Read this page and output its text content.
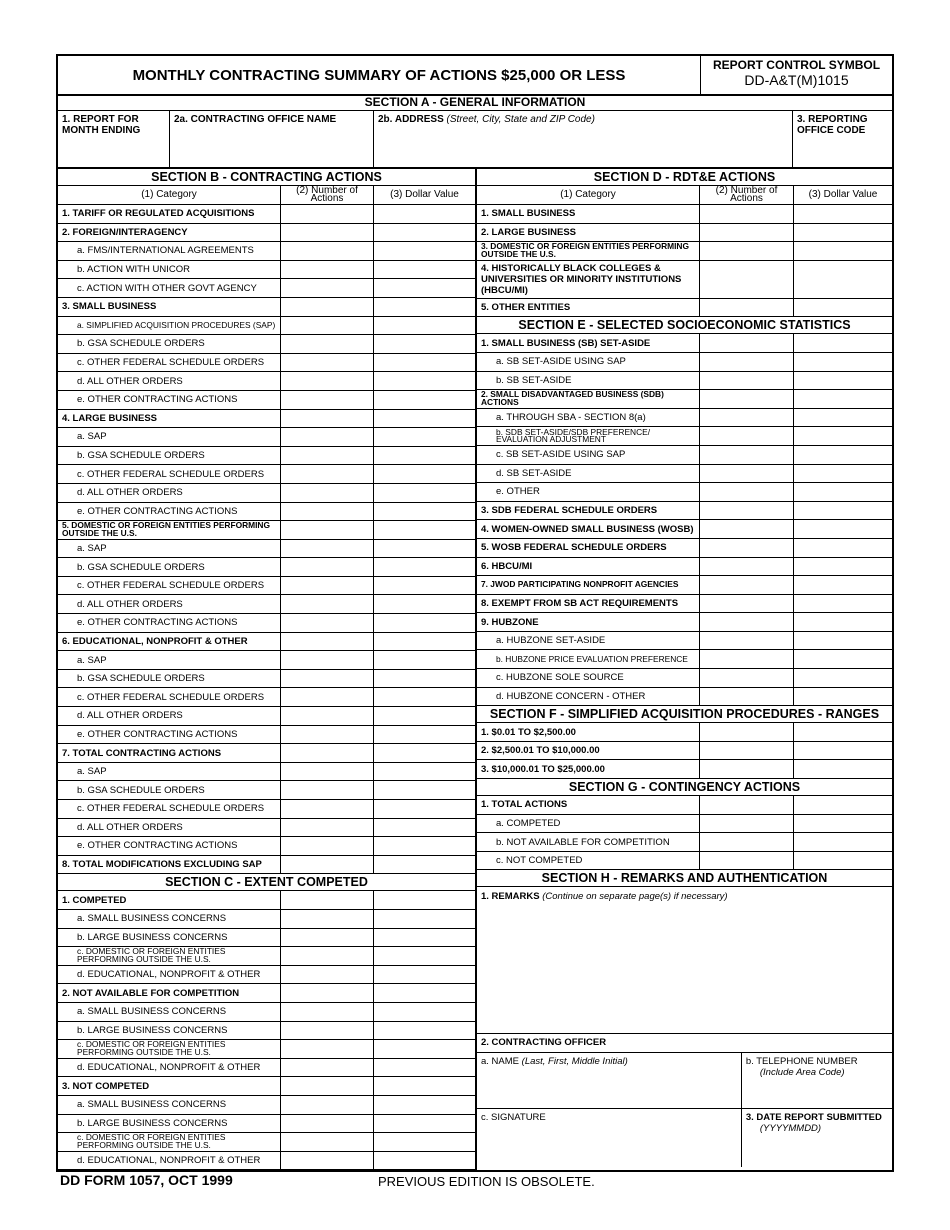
MONTHLY CONTRACTING SUMMARY OF ACTIONS $25,000 OR LESS
REPORT CONTROL SYMBOL
DD-A&T(M)1015
SECTION A - GENERAL INFORMATION
1. REPORT FOR MONTH ENDING
2a. CONTRACTING OFFICE NAME	2b. ADDRESS (Street, City, State and ZIP Code)	3. REPORTING OFFICE CODE
SECTION B - CONTRACTING ACTIONS
(1) Category	(2) Number of Actions	(3) Dollar Value
1. TARIFF OR REGULATED ACQUISITIONS
2. FOREIGN/INTERAGENCY
a. FMS/INTERNATIONAL AGREEMENTS
b. ACTION WITH UNICOR
c. ACTION WITH OTHER GOVT AGENCY
3. SMALL BUSINESS
a. SIMPLIFIED ACQUISITION PROCEDURES (SAP)
b. GSA SCHEDULE ORDERS
c. OTHER FEDERAL SCHEDULE ORDERS
d. ALL OTHER ORDERS
e. OTHER CONTRACTING ACTIONS
4. LARGE BUSINESS
a. SAP
b. GSA SCHEDULE ORDERS
c. OTHER FEDERAL SCHEDULE ORDERS
d. ALL OTHER ORDERS
e. OTHER CONTRACTING ACTIONS
5. DOMESTIC OR FOREIGN ENTITIES PERFORMING OUTSIDE THE U.S.
a. SAP
b. GSA SCHEDULE ORDERS
c. OTHER FEDERAL SCHEDULE ORDERS
d. ALL OTHER ORDERS
e. OTHER CONTRACTING ACTIONS
6. EDUCATIONAL, NONPROFIT & OTHER
a. SAP
b. GSA SCHEDULE ORDERS
c. OTHER FEDERAL SCHEDULE ORDERS
d. ALL OTHER ORDERS
e. OTHER CONTRACTING ACTIONS
7. TOTAL CONTRACTING ACTIONS
a. SAP
b. GSA SCHEDULE ORDERS
c. OTHER FEDERAL SCHEDULE ORDERS
d. ALL OTHER ORDERS
e. OTHER CONTRACTING ACTIONS
8. TOTAL MODIFICATIONS EXCLUDING SAP
SECTION C - EXTENT COMPETED
1. COMPETED
a. SMALL BUSINESS CONCERNS
b. LARGE BUSINESS CONCERNS
c. DOMESTIC OR FOREIGN ENTITIES PERFORMING OUTSIDE THE U.S.
d. EDUCATIONAL, NONPROFIT & OTHER
2. NOT AVAILABLE FOR COMPETITION
a. SMALL BUSINESS CONCERNS
b. LARGE BUSINESS CONCERNS
c. DOMESTIC OR FOREIGN ENTITIES PERFORMING OUTSIDE THE U.S.
d. EDUCATIONAL, NONPROFIT & OTHER
3. NOT COMPETED
a. SMALL BUSINESS CONCERNS
b. LARGE BUSINESS CONCERNS
c. DOMESTIC OR FOREIGN ENTITIES PERFORMING OUTSIDE THE U.S.
d. EDUCATIONAL, NONPROFIT & OTHER
SECTION D - RDT&E ACTIONS
(1) Category	(2) Number of Actions	(3) Dollar Value
1. SMALL BUSINESS
2. LARGE BUSINESS
3. DOMESTIC OR FOREIGN ENTITIES PERFORMING OUTSIDE THE U.S.
4. HISTORICALLY BLACK COLLEGES & UNIVERSITIES OR MINORITY INSTITUTIONS (HBCU/MI)
5. OTHER ENTITIES
SECTION E - SELECTED SOCIOECONOMIC STATISTICS
1. SMALL BUSINESS (SB) SET-ASIDE
a. SB SET-ASIDE USING SAP
b. SB SET-ASIDE
2. SMALL DISADVANTAGED BUSINESS (SDB) ACTIONS
a. THROUGH SBA - SECTION 8(a)
b. SDB SET-ASIDE/SDB PREFERENCE/ EVALUATION ADJUSTMENT
c. SB SET-ASIDE USING SAP
d. SB SET-ASIDE
e. OTHER
3. SDB FEDERAL SCHEDULE ORDERS
4. WOMEN-OWNED SMALL BUSINESS (WOSB)
5. WOSB FEDERAL SCHEDULE ORDERS
6. HBCU/MI
7. JWOD PARTICIPATING NONPROFIT AGENCIES
8. EXEMPT FROM SB ACT REQUIREMENTS
9. HUBZONE
a. HUBZONE SET-ASIDE
b. HUBZONE PRICE EVALUATION PREFERENCE
c. HUBZONE SOLE SOURCE
d. HUBZONE CONCERN - OTHER
SECTION F - SIMPLIFIED ACQUISITION PROCEDURES - RANGES
1. $0.01 TO $2,500.00
2. $2,500.01 TO $10,000.00
3. $10,000.01 TO $25,000.00
SECTION G - CONTINGENCY ACTIONS
1. TOTAL ACTIONS
a. COMPETED
b. NOT AVAILABLE FOR COMPETITION
c. NOT COMPETED
SECTION H - REMARKS AND AUTHENTICATION
1. REMARKS (Continue on separate page(s) if necessary)
2. CONTRACTING OFFICER
a. NAME (Last, First, Middle Initial)	b. TELEPHONE NUMBER
(Include Area Code)
c. SIGNATURE	3. DATE REPORT SUBMITTED
(YYYYMMDD)
DD FORM 1057, OCT 1999	PREVIOUS EDITION IS OBSOLETE.
